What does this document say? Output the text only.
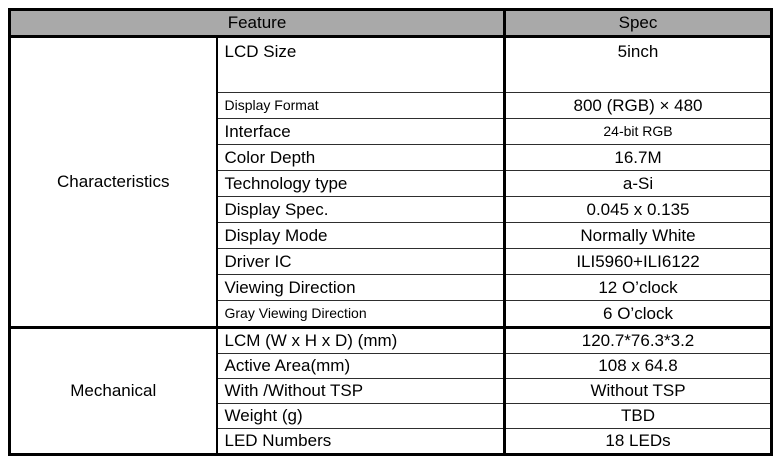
Feature		Spec
Characteristics	LCD Size	5inch
	Display Format	800 (RGB) × 480
	Interface	24-bit RGB
	Color Depth	16.7M
	Technology type	a-Si
	Display Spec.	0.045 x 0.135
	Display Mode	Normally White
	Driver IC	ILI5960+ILI6122
	Viewing Direction	12 O’clock
	Gray Viewing Direction	6 O’clock
Mechanical	LCM (W x H x D) (mm)	120.7*76.3*3.2
	Active Area(mm)	108 x 64.8
	With /Without TSP	Without TSP
	Weight (g)	TBD
	LED Numbers	18 LEDs
